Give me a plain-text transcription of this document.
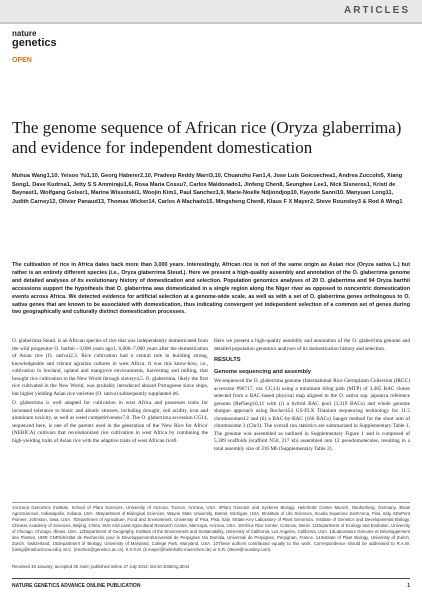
ARTICLES
nature
genetics
OPEN
The genome sequence of African rice (Oryza glaberrima) and evidence for independent domestication
Muhua Wang1,10, Yeisoo Yu1,10, Georg Haberer2,10, Pradeep Reddy Marri3,10, Chuanzhu Fan1,4, Jose Luis Goicoechea1, Andrea Zuccolo5, Xiang Song1, Dave Kudrna1, Jetty S S Ammiraju1,6, Rosa Maria Cossu7, Carlos Maldonado1, Jinfeng Chen8, Seunghee Lee1, Nick Sisneros1, Kristi de Baynast1, Wolfgang Golser1, Marina Wissotski1, Woojin Kim1, Paul Sanchez1,9, Marie-Noelle Ndjiondjop10, Kayode Sanni10, Manyuan Long11, Judith Carney12, Olivier Panaud13, Thomas Wicker14, Carlos A Machado15, Mingsheng Chen8, Klaus F X Mayer2, Steve Rounsley3 & Rod A Wing1
The cultivation of rice in Africa dates back more than 3,000 years. Interestingly, African rice is not of the same origin as Asian rice (Oryza sativa L.) but rather is an entirely different species (i.e., Oryza glaberrima Steud.). Here we present a high-quality assembly and annotation of the O. glaberrima genome and detailed analyses of its evolutionary history of domestication and selection. Population genomics analyses of 20 O. glaberrima and 94 Oryza barthii accessions support the hypothesis that O. glaberrima was domesticated in a single region along the Niger river as opposed to noncentric domestication events across Africa. We detected evidence for artificial selection at a genome-wide scale, as well as with a set of O. glaberrima genes orthologous to O. sativa genes that are known to be associated with domestication, thus indicating convergent yet independent selection of a common set of genes during two geographically and culturally distinct domestication processes.

O. glaberrima Steud. is an African species of rice that was independently domesticated from the wild progenitor O. barthii ~3,000 years ago1, 6,000–7,000 years after the domestication of Asian rice (O. sativa)2,3. Rice cultivation had a central role in building strong, knowledgeable and vibrant agrarian cultures in west Africa. It was this know-how, i.e., cultivation in lowland, upland and mangrove environments, harvesting and milling, that brought rice cultivation to the New World through slavery4,5. O. glaberrima, likely the first rice cultivated in the New World, was probably introduced aboard Portuguese slave ships, but higher yielding Asian rice varieties (O. sativa) subsequently supplanted it6.

O. glaberrima is well adapted for cultivation in west Africa and possesses traits for increased tolerance to biotic and abiotic stresses, including drought, soil acidity, iron and aluminum toxicity, as well as weed competitiveness7,8. The O. glaberrima accession CG14, sequenced here, is one of the parents used in the generation of the 'New Rice for Africa' (NERICA) cultivars that revolutionized rice cultivation in west Africa by combining the high-yielding traits of Asian rice with the adaptive traits of west African rice9.

Here we present a high-quality assembly and annotation of the O. glaberrima genome and detailed population genomics analyses of its domestication history and selection.

RESULTS
Genome sequencing and assembly

We sequenced the O. glaberrima genome (International Rice Germplasm Collection (IRGC) accession #96717, var. CG14) using a minimum tiling path (MTP) of 3,485 BAC clones selected from a BAC-based physical map aligned to the O. sativa ssp. japonica reference genome (RefSeq)10,11 with (i) a hybrid BAC pool (3,319 BACs) and whole genome shotgun approach using Roche/454 GS-FLX Titanium sequencing technology for 11.5 chromosomes12 and (ii) a BAC-by-BAC (166 BACs) Sanger method for the short arm of chromosome 3 (Chr3). The overall run statistics are summarized in Supplementary Table 1. The genome was assembled as outlined in Supplementary Figure 1 and is composed of 5,309 scaffolds (scaffold N50, 217 kb) assembled into 12 pseudomolecules, resulting in a total assembly size of 316 Mb (Supplementary Table 2).

1Arizona Genomics Institute, School of Plant Sciences, University of Arizona, Tucson, Arizona, USA. 2Plant Genome and Systems Biology, Helmholtz Center Munich, Neuherberg, Germany. 3Dow AgroSciences, Indianapolis, Indiana, USA. 4Department of Biological Sciences, Wayne State University, Detroit, Michigan, USA. 5Institute of Life Sciences, Scuola Superiore Sant'Anna, Pisa, Italy. 6DuPont Pioneer, Johnston, Iowa, USA. 7Department of Agriculture, Food and Environment, University of Pisa, Pisa, Italy. 8State Key Laboratory of Plant Genomics, Institute of Genetics and Developmental Biology, Chinese Academy of Sciences, Beijing, China. 9US Arid Land Agricultural Research Center, Maricopa, Arizona, USA. 10Africa Rice Center, Cotonou, Benin. 11Department of Ecology and Evolution, University of Chicago, Chicago, Illinois, USA. 12Department of Geography, Institute of the Environment and Sustainability, University of California, Los Angeles, California, USA. 13Laboratoire Génome et Développement des Plantes, UMR CNRS/Institut de Recherche pour le Développement/Université de Perpignan Via Domitia, Université de Perpignan, Perpignan, France. 14Institute of Plant Biology, University of Zurich, Zurich, Switzerland. 15Department of Biology, University of Maryland, College Park, Maryland, USA. 10These authors contributed equally to this work. Correspondence should be addressed to R.A.W. (rwing@mail.arizona.edu), M.C. (mschen@genetics.ac.cn), K.F.X.M. (k.mayer@helmholtz-muenchen.de) or S.R. (steve@rounsley.com).
Received 19 January; accepted 30 June; published online 27 July 2014; doi:10.1038/ng.3044
NATURE GENETICS ADVANCE ONLINE PUBLICATION	1
